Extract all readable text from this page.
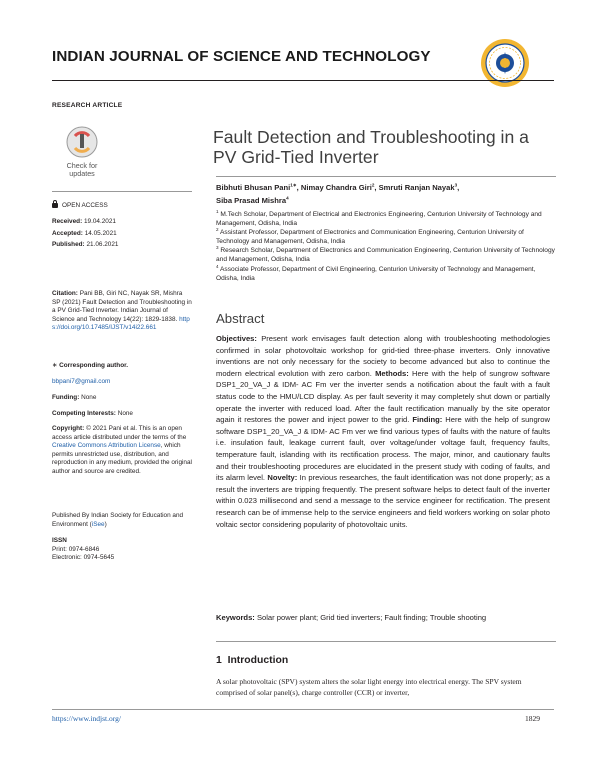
INDIAN JOURNAL OF SCIENCE AND TECHNOLOGY
RESEARCH ARTICLE
Check for
updates
Fault Detection and Troubleshooting in a
PV Grid-Tied Inverter
Bibhuti Bhusan Pani$^{1∗}$, Nimay Chandra Giri$^2$, Smruti Ranjan Nayak$^3$,
Siba Prasad Mishra$^4$
$^1$ M.Tech Scholar, Department of Electrical and Electronics Engineering, Centurion University of Technology and Management, Odisha, India
$^2$ Assistant Professor, Department of Electronics and Communication Engineering, Centurion University of Technology and Management, Odisha, India
$^3$ Research Scholar, Department of Electronics and Communication Engineering, Centurion University of Technology and Management, Odisha, India
$^4$ Associate Professor, Department of Civil Engineering, Centurion University of Technology and Management, Odisha, India
OPEN ACCESS
Received: 19.04.2021
Accepted: 14.05.2021
Published: 21.06.2021
Citation: Pani BB, Giri NC, Nayak SR, Mishra SP (2021) Fault Detection and Troubleshooting in a PV Grid-Tied Inverter. Indian Journal of Science and Technology 14(22): 1829-1838. https://doi.org/10.17485/IJST/v14i22.661
∗ Corresponding author.
bbpani7@gmail.com
Funding: None
Competing Interests: None
Copyright: © 2021 Pani et al. This is an open access article distributed under the terms of the Creative Commons Attribution License, which permits unrestricted use, distribution, and reproduction in any medium, provided the original author and source are credited.
Published By Indian Society for Education and Environment (iSee)
ISSN
Print: 0974-6846
Electronic: 0974-5645
Abstract
Objectives: Present work envisages fault detection along with troubleshooting methodologies confirmed in solar photovoltaic workshop for grid-tied three-phase inverters. Only innovative inventions are not only necessary for the society to become advanced but also to continue the modern electrical evolution with zero carbon. Methods: Here with the help of sungrow software DSP1_20_VA_J & IDM- AC Fm ver the inverter sends a notification about the fault with a fault status code to the HMU/LCD display. As per fault severity it may completely shut down or partially operate the inverter with reduced load. After the fault rectification manually by the site operator again it restores the power and inject power to the grid. Finding: Here with the help of sungrow software DSP1_20_VA_J & IDM- AC Fm ver we find various types of faults with the nature of faults i.e. insulation fault, leakage current fault, over voltage/under voltage fault, frequency faults, temperature fault, islanding with its rectification process. The major, minor, and cautionary faults and their troubleshooting procedures are elucidated in the present study with coding of faults, and its alarm level. Novelty: In previous researches, the fault identification was not done properly; as a result the inverters are tripping frequently. The present software helps to detect fault of the inverter within 0.023 millisecond and send a message to the service engineer for rectification. The present research can be of immense help to the service engineers and field workers working on solar photo voltaic sector considering popularity of photovoltaic units.
Keywords: Solar power plant; Grid tied inverters; Fault finding; Trouble shooting
1 Introduction
A solar photovoltaic (SPV) system alters the solar light energy into electrical energy. The SPV system comprised of solar panel(s), charge controller (CCR) or inverter,
https://www.indjst.org/	1829
